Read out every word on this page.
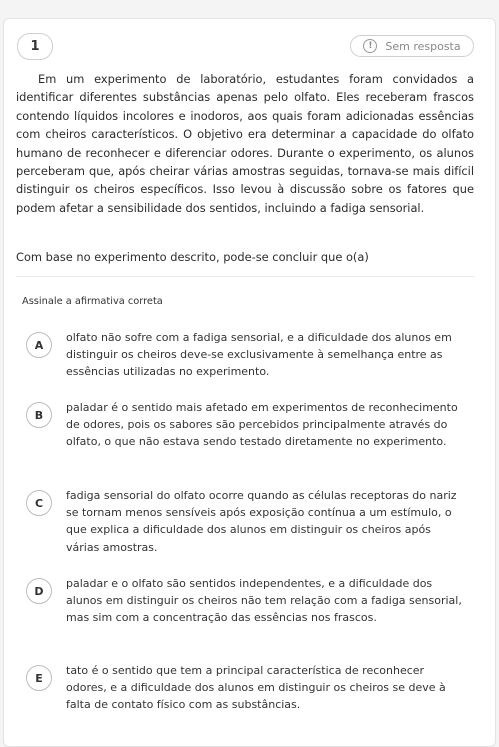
1	!	Sem resposta

Em um experimento de laboratório, estudantes foram convidados a identificar diferentes substâncias apenas pelo olfato. Eles receberam frascos contendo líquidos incolores e inodoros, aos quais foram adicionadas essências com cheiros característicos. O objetivo era determinar a capacidade do olfato humano de reconhecer e diferenciar odores. Durante o experimento, os alunos perceberam que, após cheirar várias amostras seguidas, tornava-se mais difícil distinguir os cheiros específicos. Isso levou à discussão sobre os fatores que podem afetar a sensibilidade dos sentidos, incluindo a fadiga sensorial.

Com base no experimento descrito, pode-se concluir que o(a)

Assinale a afirmativa correta

A

olfato não sofre com a fadiga sensorial, e a dificuldade dos alunos em distinguir os cheiros deve-se exclusivamente à semelhança entre as essências utilizadas no experimento.

B

paladar é o sentido mais afetado em experimentos de reconhecimento de odores, pois os sabores são percebidos principalmente através do olfato, o que não estava sendo testado diretamente no experimento.

C

fadiga sensorial do olfato ocorre quando as células receptoras do nariz se tornam menos sensíveis após exposição contínua a um estímulo, o que explica a dificuldade dos alunos em distinguir os cheiros após várias amostras.

D

paladar e o olfato são sentidos independentes, e a dificuldade dos alunos em distinguir os cheiros não tem relação com a fadiga sensorial, mas sim com a concentração das essências nos frascos.

E

tato é o sentido que tem a principal característica de reconhecer odores, e a dificuldade dos alunos em distinguir os cheiros se deve à falta de contato físico com as substâncias.
